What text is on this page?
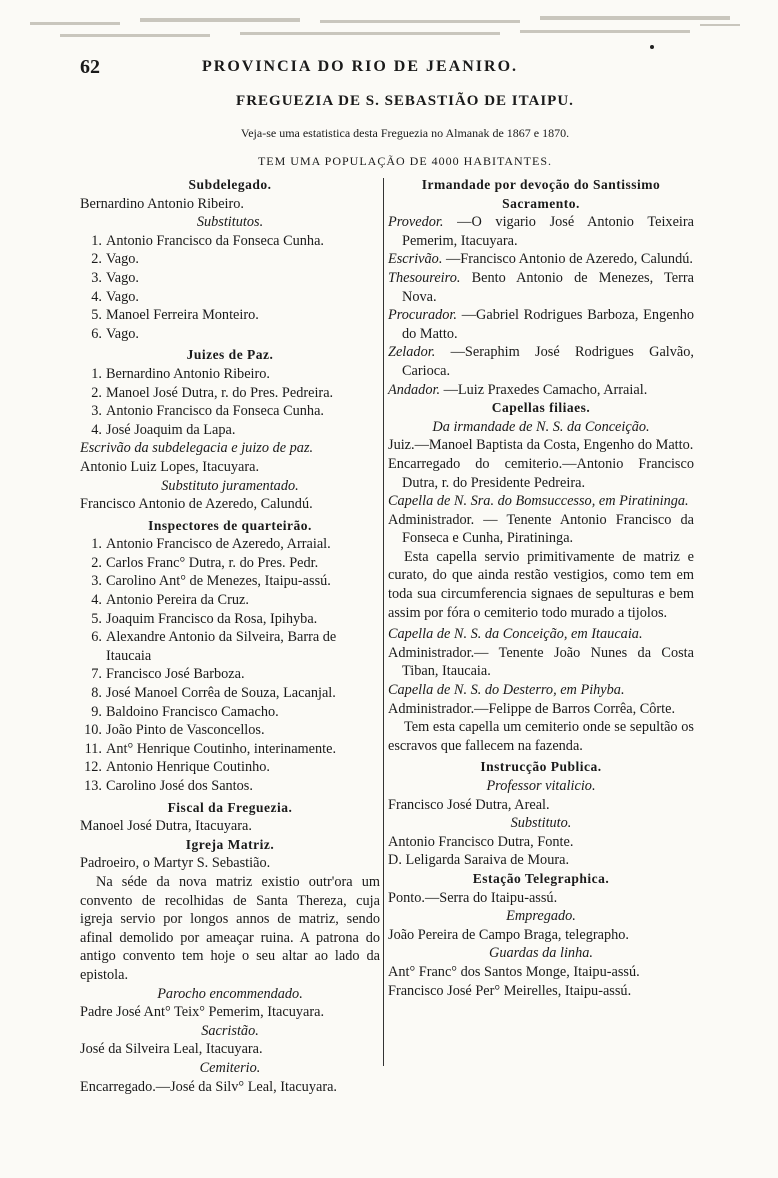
62	PROVINCIA DO RIO DE JEANIRO.
FREGUEZIA DE S. SEBASTIÃO DE ITAIPU.
Veja-se uma estatistica desta Freguezia no Almanak de 1867 e 1870.
TEM UMA POPULAÇÃO DE 4000 HABITANTES.
Subdelegado.
Bernardino Antonio Ribeiro.
Substitutos.
1. Antonio Francisco da Fonseca Cunha.
2. Vago.
3. Vago.
4. Vago.
5. Manoel Ferreira Monteiro.
6. Vago.
Juizes de Paz.
1. Bernardino Antonio Ribeiro.
2. Manoel José Dutra, r. do Pres. Pedreira.
3. Antonio Francisco da Fonseca Cunha.
4. José Joaquim da Lapa.
Escrivão da subdelegacia e juizo de paz.
Antonio Luiz Lopes, Itacuyara.
Substituto juramentado.
Francisco Antonio de Azeredo, Calundú.
Inspectores de quarteirão.
1. Antonio Francisco de Azeredo, Arraial.
2. Carlos Franc° Dutra, r. do Pres. Pedr.
3. Carolino Ant° de Menezes, Itaipu-assú.
4. Antonio Pereira da Cruz.
5. Joaquim Francisco da Rosa, Ipihyba.
6. Alexandre Antonio da Silveira, Barra de Itaucaia
7. Francisco José Barboza.
8. José Manoel Corrêa de Souza, Lacanjal.
9. Baldoino Francisco Camacho.
10. João Pinto de Vasconcellos.
11. Ant° Henrique Coutinho, interinamente.
12. Antonio Henrique Coutinho.
13. Carolino José dos Santos.
Fiscal da Freguezia.
Manoel José Dutra, Itacuyara.
Igreja Matriz.
Padroeiro, o Martyr S. Sebastião.
Na séde da nova matriz existio outr'ora um convento de recolhidas de Santa Thereza, cuja igreja servio por longos annos de matriz, sendo afinal demolido por ameaçar ruina. A patrona do antigo convento tem hoje o seu altar ao lado da epistola.
Parocho encommendado.
Padre José Ant° Teix° Pemerim, Itacuyara.
Sacristão.
José da Silveira Leal, Itacuyara.
Cemiterio.
Encarregado.—José da Silv° Leal, Itacuyara.
Irmandade por devoção do Santissimo Sacramento.
Provedor. —O vigario José Antonio Teixeira Pemerim, Itacuyara.
Escrivão. —Francisco Antonio de Azeredo, Calundú.
Thesoureiro. Bento Antonio de Menezes, Terra Nova.
Procurador. —Gabriel Rodrigues Barboza, Engenho do Matto.
Zelador. —Seraphim José Rodrigues Galvão, Carioca.
Andador. —Luiz Praxedes Camacho, Arraial.
Capellas filiaes.
Da irmandade de N. S. da Conceição.
Juiz.—Manoel Baptista da Costa, Engenho do Matto.
Encarregado do cemiterio.—Antonio Francisco Dutra, r. do Presidente Pedreira.
Capella de N. Sra. do Bomsuccesso, em Piratininga.
Administrador. — Tenente Antonio Francisco da Fonseca e Cunha, Piratininga.
Esta capella servio primitivamente de matriz e curato, do que ainda restão vestigios, como tem em toda sua circumferencia signaes de sepulturas e bem assim por fóra o cemiterio todo murado a tijolos.
Capella de N. S. da Conceição, em Itaucaia.
Administrador.— Tenente João Nunes da Costa Tiban, Itaucaia.
Capella de N. S. do Desterro, em Pihyba.
Administrador.—Felippe de Barros Corrêa, Côrte.
Tem esta capella um cemiterio onde se sepultão os escravos que fallecem na fazenda.
Instrucção Publica.
Professor vitalicio.
Francisco José Dutra, Areal.
Substituto.
Antonio Francisco Dutra, Fonte.
D. Leligarda Saraiva de Moura.
Estação Telegraphica.
Ponto.—Serra do Itaipu-assú.
Empregado.
João Pereira de Campo Braga, telegrapho.
Guardas da linha.
Ant° Franc° dos Santos Monge, Itaipu-assú.
Francisco José Per° Meirelles, Itaipu-assú.
